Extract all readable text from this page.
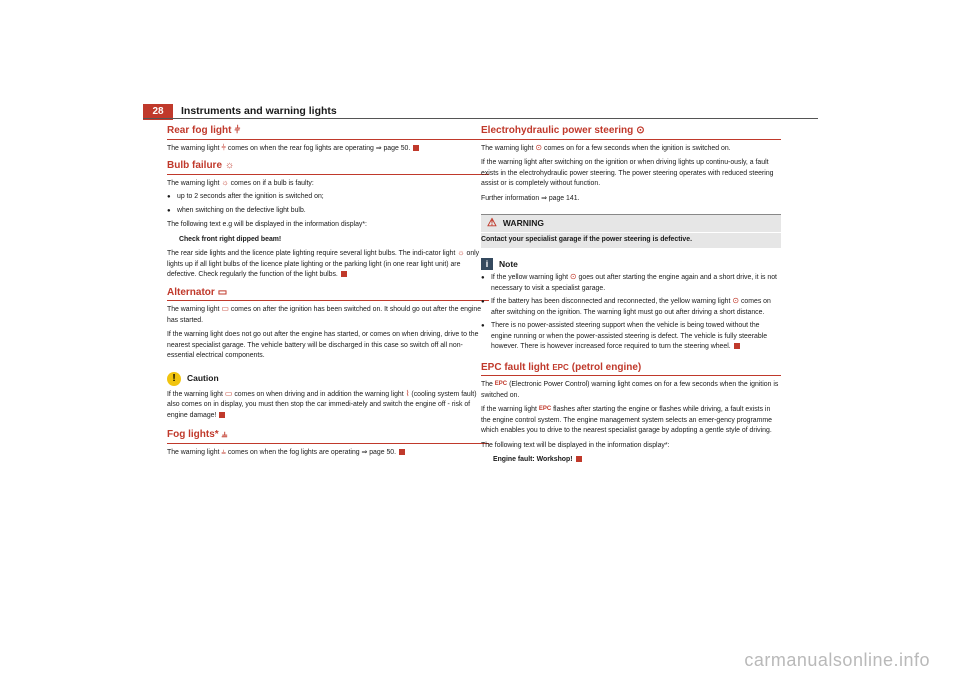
28	Instruments and warning lights
Rear fog light ⫩

The warning light ⫩ comes on when the rear fog lights are operating ⇒ page 50.

Bulb failure ☼

The warning light ☼ comes on if a bulb is faulty:

● up to 2 seconds after the ignition is switched on;
● when switching on the defective light bulb.

The following text e.g will be displayed in the information display*:

Check front right dipped beam!

The rear side lights and the licence plate lighting require several light bulbs. The indi-cator light ☼ only lights up if all light bulbs of the licence plate lighting or the parking light (in one rear light unit) are defective. Check regularly the function of the light bulbs.

Alternator ▭

The warning light ▭ comes on after the ignition has been switched on. It should go out after the engine has started.

If the warning light does not go out after the engine has started, or comes on when driving, drive to the nearest specialist garage. The vehicle battery will be discharged in this case so switch off all non-essential electrical components.

!	Caution

If the warning light ▭ comes on when driving and in addition the warning light ⌇ (cooling system fault) also comes on in display, you must then stop the car immedi-ately and switch the engine off - risk of engine damage!

Fog lights* ⫨

The warning light ⫨ comes on when the fog lights are operating ⇒ page 50.

Electrohydraulic power steering ⊙

The warning light ⊙ comes on for a few seconds when the ignition is switched on.

If the warning light after switching on the ignition or when driving lights up continu-ously, a fault exists in the electrohydraulic power steering. The power steering operates with reduced steering assist or is completely without function.

Further information ⇒ page 141.

⚠ WARNING
Contact your specialist garage if the power steering is defective.
i	Note
● If the yellow warning light ⊙ goes out after starting the engine again and a short drive, it is not necessary to visit a specialist garage.
● If the battery has been disconnected and reconnected, the yellow warning light ⊙ comes on after switching on the ignition. The warning light must go out after driving a short distance.
● There is no power-assisted steering support when the vehicle is being towed without the engine running or when the power-assisted steering is defect. The vehicle is fully steerable however. There is however increased force required to turn the steering wheel.
EPC fault light EPC (petrol engine)

The EPC (Electronic Power Control) warning light comes on for a few seconds when the ignition is switched on.

If the warning light EPC flashes after starting the engine or flashes while driving, a fault exists in the engine control system. The engine management system selects an emer-gency programme which enables you to drive to the nearest specialist garage by adopting a gentle style of driving.

The following text will be displayed in the information display*:

Engine fault: Workshop!
carmanualsonline.info
